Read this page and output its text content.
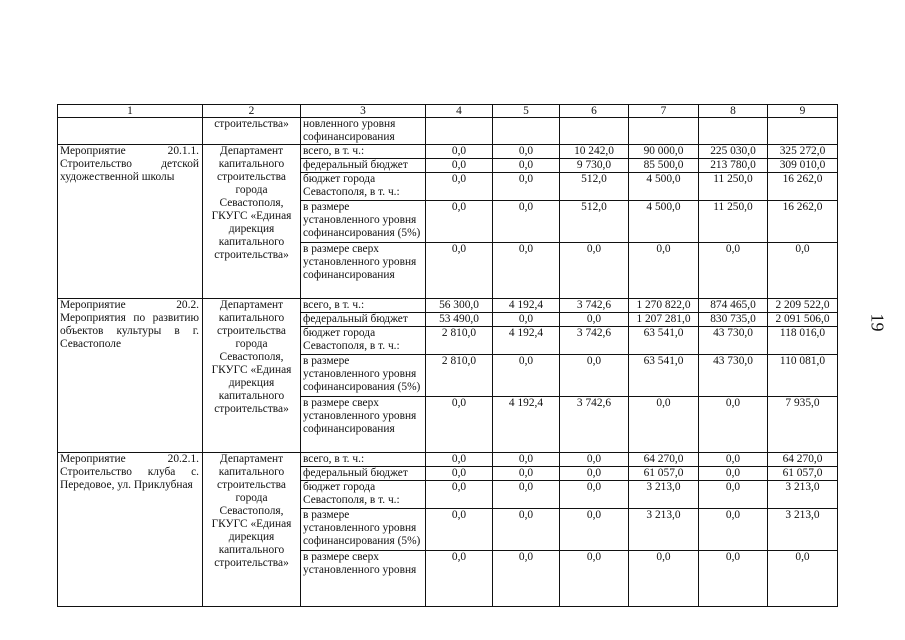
1	2	3	4	5	6	7	8	9
	строительства»	новленного уровня софинансирования						
Мероприятие 20.1.1. Строительство детской художественной школы	Департамент капитального строительства города Севастополя, ГКУГС «Единая дирекция капитального строительства»	всего, в т. ч.:	0,0	0,0	10 242,0	90 000,0	225 030,0	325 272,0
		федеральный бюджет	0,0	0,0	9 730,0	85 500,0	213 780,0	309 010,0
		бюджет города Севастополя, в т. ч.:	0,0	0,0	512,0	4 500,0	11 250,0	16 262,0
		в размере установленного уровня софинансирования (5%)	0,0	0,0	512,0	4 500,0	11 250,0	16 262,0
		в размере сверх установленного уровня софинансирования	0,0	0,0	0,0	0,0	0,0	0,0
Мероприятие 20.2. Мероприятия по развитию объектов культуры в г. Севастополе	Департамент капитального строительства города Севастополя, ГКУГС «Единая дирекция капитального строительства»	всего, в т. ч.:	56 300,0	4 192,4	3 742,6	1 270 822,0	874 465,0	2 209 522,0
		федеральный бюджет	53 490,0	0,0	0,0	1 207 281,0	830 735,0	2 091 506,0
		бюджет города Севастополя, в т. ч.:	2 810,0	4 192,4	3 742,6	63 541,0	43 730,0	118 016,0
		в размере установленного уровня софинансирования (5%)	2 810,0	0,0	0,0	63 541,0	43 730,0	110 081,0
		в размере сверх установленного уровня софинансирования	0,0	4 192,4	3 742,6	0,0	0,0	7 935,0
Мероприятие 20.2.1. Строительство клуба с. Передовое, ул. Приклубная	Департамент капитального строительства города Севастополя, ГКУГС «Единая дирекция капитального строительства»	всего, в т. ч.:	0,0	0,0	0,0	64 270,0	0,0	64 270,0
		федеральный бюджет	0,0	0,0	0,0	61 057,0	0,0	61 057,0
		бюджет города Севастополя, в т. ч.:	0,0	0,0	0,0	3 213,0	0,0	3 213,0
		в размере установленного уровня софинансирования (5%)	0,0	0,0	0,0	3 213,0	0,0	3 213,0
		в размере сверх установленного уровня	0,0	0,0	0,0	0,0	0,0	0,0
19
